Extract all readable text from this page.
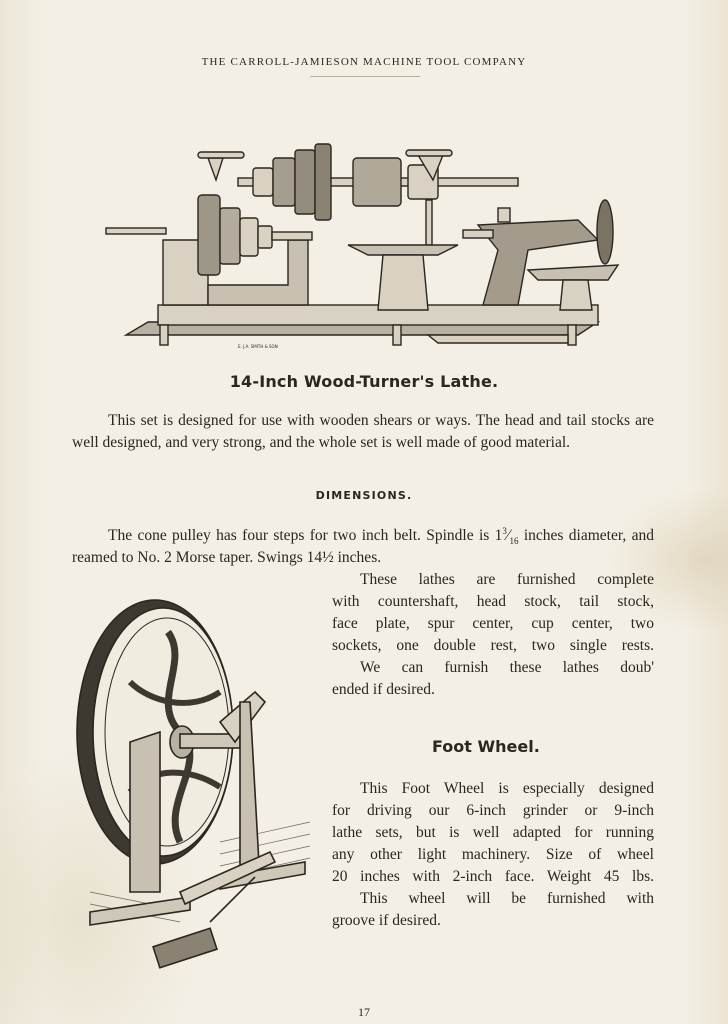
THE CARROLL-JAMIESON MACHINE TOOL COMPANY
E. J.A. SMITH & SON
14-Inch Wood-Turner's Lathe.
This set is designed for use with wooden shears or ways. The head and tail stocks are well designed, and very strong, and the whole set is well made of good material.
DIMENSIONS.
The cone pulley has four steps for two inch belt. Spindle is $1^3⁄_{16}$ inches diameter, and reamed to No. 2 Morse taper. Swings 14½ inches.
These lathes are furnished complete
with countershaft, head stock, tail stock,
face plate, spur center, cup center, two
sockets, one double rest, two single rests.
We can furnish these lathes doub'
ended if desired.
Foot Wheel.
This Foot Wheel is especially designed
for driving our 6-inch grinder or 9-inch
lathe sets, but is well adapted for running
any other light machinery. Size of wheel
20 inches with 2-inch face. Weight 45 lbs.
This wheel will be furnished with
groove if desired.
17
